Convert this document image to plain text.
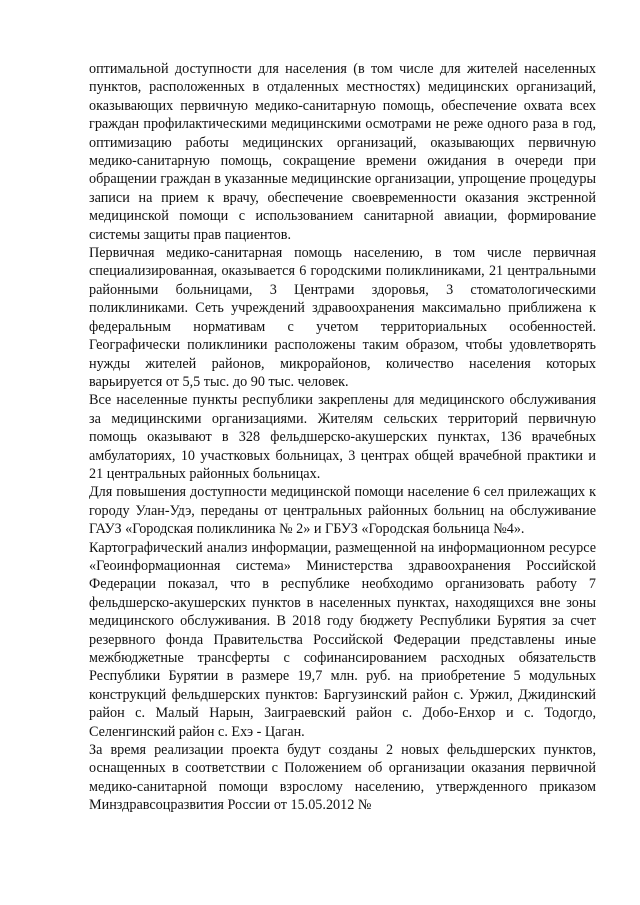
оптимальной доступности для населения (в том числе для жителей населенных пунктов, расположенных в отдаленных местностях) медицинских организаций, оказывающих первичную медико-санитарную помощь, обеспечение охвата всех граждан профилактическими медицинскими осмотрами не реже одного раза в год, оптимизацию работы медицинских организаций, оказывающих первичную медико-санитарную помощь, сокращение времени ожидания в очереди при обращении граждан в указанные медицинские организации, упрощение процедуры записи на прием к врачу, обеспечение своевременности оказания экстренной медицинской помощи с использованием санитарной авиации, формирование системы защиты прав пациентов.

Первичная медико-санитарная помощь населению, в том числе первичная специализированная, оказывается 6 городскими поликлиниками, 21 центральными районными больницами, 3 Центрами здоровья, 3 стоматологическими поликлиниками. Сеть учреждений здравоохранения максимально приближена к федеральным нормативам с учетом территориальных особенностей. Географически поликлиники расположены таким образом, чтобы удовлетворять нужды жителей районов, микрорайонов, количество населения которых варьируется от 5,5 тыс. до 90 тыс. человек.

Все населенные пункты республики закреплены для медицинского обслуживания за медицинскими организациями. Жителям сельских территорий первичную помощь оказывают в 328 фельдшерско-акушерских пунктах, 136 врачебных амбулаториях, 10 участковых больницах, 3 центрах общей врачебной практики и 21 центральных районных больницах.

Для повышения доступности медицинской помощи население 6 сел прилежащих к городу Улан-Удэ, переданы от центральных районных больниц на обслуживание ГАУЗ «Городская поликлиника № 2» и ГБУЗ «Городская больница №4».

Картографический анализ информации, размещенной на информационном ресурсе «Геоинформационная система» Министерства здравоохранения Российской Федерации показал, что в республике необходимо организовать работу 7 фельдшерско-акушерских пунктов в населенных пунктах, находящихся вне зоны медицинского обслуживания. В 2018 году бюджету Республики Бурятия за счет резервного фонда Правительства Российской Федерации представлены иные межбюджетные трансферты с софинансированием расходных обязательств Республики Бурятии в размере 19,7 млн. руб. на приобретение 5 модульных конструкций фельдшерских пунктов: Баргузинский район с. Уржил, Джидинский район с. Малый Нарын, Заиграевский район с. Добо-Енхор и с. Тодогдо, Селенгинский район с. Ехэ - Цаган.

За время реализации проекта будут созданы 2 новых фельдшерских пунктов, оснащенных в соответствии с Положением об организации оказания первичной медико-санитарной помощи взрослому населению, утвержденного приказом Минздравсоцразвития России от 15.05.2012 №
